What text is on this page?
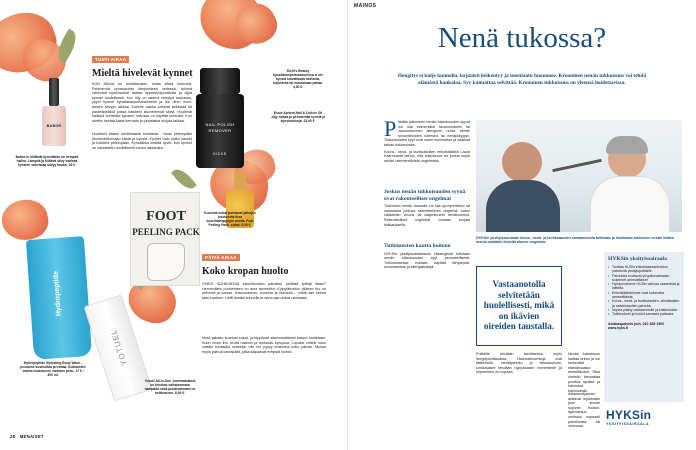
BABOR
Babor-in kiiltävät kynsilakka on hempeä hailea. Lämpöä ja kiiltävä sävy vaaleaa kynsien vahvistaa säilyy kauan. 16 €.
TUNTI AIKAA
Mieltä hivelevät kynnet
KUN AIKAA on tuhlattavaksi, hoida käsiä kunnolla. Pehmennä kynsinauhat lämpimässä vedessä, työnnä varovasti kynsinauhat taakse appelsiinipuutikulla ja öljyä kynnet huolellisesti. Kun öljy on saanut imeytyä rauhassa, pyyhi kynnet kynsilakanpoistoaineella ja lee riihm mieli- aiseen sävyyn lakkaa. Kokeile vaikka pimeää kellastaa tai pastellipinkkiä joissa kaikkein kauneimmat sävyt. Huolehdi kaikista kohteista kynsien hoitossa on käyttää kunnolla. Kun sivellin kestää kaksi kerrosta ja pintalakka suojaa lakkaa.
Huolehdi käsien kohteliaasta kohdasta... viime pidempään hemmottelemaan käsiä ja kynsiä. Kynnet ovat sitten kauniit ja hoidetut pidempään. Kynsilakka kestää hyvin, kun kynnet on valmisteltu huolellisesti ennen lakkausta.
NAIL POLISH
REMOVER
KICKS
Kiehl's Beauty kynsilakanpoistoaineessa ei ole kynsiä kuivattavaa asetonia, hajusteita tai muutakaan pahaa. 4,00 €.
Essie Apricot Nail & Cuticle Oil -öljy hoitaa ja pehmentää kynsiä ja kynsinauhoja. 15,90 €.
FOOT
PEELING PACK
Kuorivat sukat poistavat jalkojen kuivunutta ihoa kuorintahappojen avulla. Foot Peeling Pack -sukat. 6,90 €.
Hydropeptide
Hydropeptide Hydrating Body Wash -pesuaine kosteuttaa ja hoitaa. Kukkaisten vaalea tuoksuinen vartalon pesu. 17 € / 300 ml.
YOTUEL
Yotuel All-in-One -hammastahna on tehokas valkaisemaan hampaita sekä puhdistamaan ne hellävaroen. 8,90 €.
PÄIVÄ AIKAA
Koko kropan huolto
OHEIS SUHKUNTAA luksiinihoidon päiväksi: peliäsiä tyttöjä iltaan? Hemmottelu puutteineen on aina tervetullut. Kylpylähoidon jälkeen iho on pehmeä ja kaunis. Kasvonaamio, kuorinta ja hieronta – niistä saa kehoa taas kuntoon. Hellii itseäsi kunnolla ja anna ajan kulua rauhassa.
Vedä jalkaan kuorivat sukat, ja töppöiset sisimmmäisesti kasvot hoidetaan. Kuori ensin iho, levitä naamio ja rentoudu kylvyssä. Lopuksi voitele koko vartalo runsaalla voiteella, niin iho pysyy kosteana koko päivän. Muista myös jalat ja kantapäät, jotka kaipaavat erityistä hoitoa.
28 MENAISET
MAINOS
Nenä tukossa?
Hengitys ei kulje kunnolla, hajuaisti heikentyy ja unenlaatu huononee. Krooninen nenän tukkoisuus voi tehdä elämästä hankalaa. Syy kannattaa selvittää. Krooninen tukkoisuus on yleensä hoidettavissa.
Pitkään jatkuneen nenän tukkoisuuden syynä voi olla esimerkiksi tavanomainen tai vasomotorinen allerginen nuha, nenän sivuonteloiden tulehdus tai nenäpolyyppi. Tukkoisuuden syyt ovat usein moninaiset ja vaativat tarkan tutkimuksen.
Korva-, nenä- ja kurkkutautien erikoislääkäri Laura Kaarniranta kertoo, että tukkoisuus voi johtua myös nenän rakenteellisista ongelmista.
Joskus nenän tukkoisuuden syynä ovat rakenteelliset ongelmat
Tukkoisen nenän taustalla voi olla synnynnäinen tai vammasta johtuva rakenteellinen ongelma, kuten väliseinän vinous tai laajentuneet nenäkuorikot. Rakenteelliset ongelmat voidaan korjata leikkauksella.
Tutkimusten kautta hoitoon
HYKSin yksityissairaalassa Helsingissä tutkitaan nenän tukkoisuuden syyt perusteellisesti. Tutkimuksessa voidaan käyttää tähystystä, kuvantamista ja allergiatestejä.
Vastaanotolla selvitetään huolellisesti, mikä on ikävien oireiden taustalla.
Potilaille tehdään tarvittaessa myös hengitysmittauksia. Hoitovaihtoehtoja ovat lääkehoito, siedätyshoito ja leikkaushoito. Leikkaukset tehdään nykyaikaisin menetelmin ja toipuminen on nopeaa.
HYKSin yksityissairaalan korva-, nenä- ja kurkkutautien vastaanotolla tutkitaan ja hoidetaan tukkoisen nenän lisäksi monia muitakin ilmiöitä alueen ongelmia.
Nenän tukkoisuus haittaa arkea ja voi heikentää elämänlaatua merkittävästi. Siksi oireisiin kannattaa puuttua ajoissa ja hakeutua tutkimuksiin.
HYKSin yksityissairaala
• Tuottaa HUSin erikoissairaanhoidon palveluita yksityispotilaille.
• Palveluita tuottavat yliopistosairaalan kokeneet ammattilaiset
• Hyödynnämme HUSin vahvaa osaamista ja laitteita.
• Erikoislääkärimme ovat kokeneita ammattilaisia.
• Korva-, nenä- ja kurkkutautien, silmätautien ja naistentautien palvelut.
• Nopea pääsy vastaanotolle ja tutkimuksiin.
• Tutkimukset ja hoidot samasta paikasta.
Asiakaspalvelu puh. 010 328 1900
www.hyks.fi
Asiantuntijamme auttavat löytämään juuri sinulle sopivan hoidon. Ajanvaraus onnistuu nopeasti puhelimitse tai verkossa.
HYKSin
YKSITYISSAIRAALA
